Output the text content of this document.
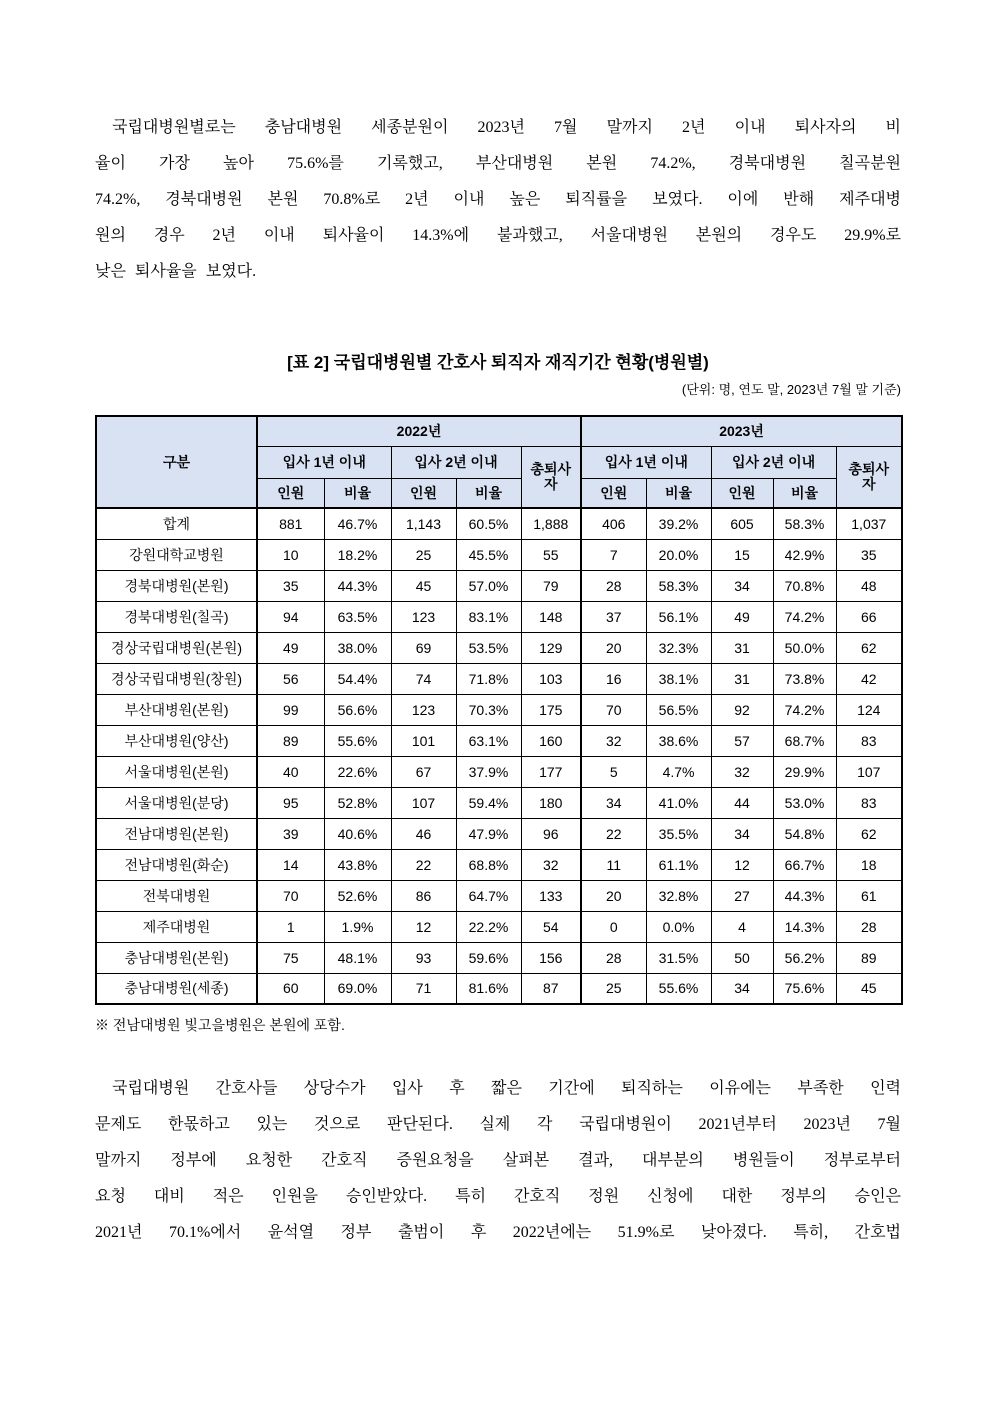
국립대병원별로는 충남대병원 세종분원이 2023년 7월 말까지 2년 이내 퇴사자의 비
율이 가장 높아 75.6%를 기록했고, 부산대병원 본원 74.2%, 경북대병원 칠곡분원
74.2%, 경북대병원 본원 70.8%로 2년 이내 높은 퇴직률을 보였다. 이에 반해 제주대병
원의 경우 2년 이내 퇴사율이 14.3%에 불과했고, 서울대병원 본원의 경우도 29.9%로
낮은 퇴사율을 보였다.
[표 2] 국립대병원별 간호사 퇴직자 재직기간 현황(병원별)
(단위: 명, 연도 말, 2023년 7월 말 기준)
구분	2022년					2023년				
	입사 1년 이내		입사 2년 이내		총퇴사자	입사 1년 이내		입사 2년 이내		총퇴사자
	인원	비율	인원	비율		인원	비율	인원	비율	
합계	881	46.7%	1,143	60.5%	1,888	406	39.2%	605	58.3%	1,037
강원대학교병원	10	18.2%	25	45.5%	55	7	20.0%	15	42.9%	35
경북대병원(본원)	35	44.3%	45	57.0%	79	28	58.3%	34	70.8%	48
경북대병원(칠곡)	94	63.5%	123	83.1%	148	37	56.1%	49	74.2%	66
경상국립대병원(본원)	49	38.0%	69	53.5%	129	20	32.3%	31	50.0%	62
경상국립대병원(창원)	56	54.4%	74	71.8%	103	16	38.1%	31	73.8%	42
부산대병원(본원)	99	56.6%	123	70.3%	175	70	56.5%	92	74.2%	124
부산대병원(양산)	89	55.6%	101	63.1%	160	32	38.6%	57	68.7%	83
서울대병원(본원)	40	22.6%	67	37.9%	177	5	4.7%	32	29.9%	107
서울대병원(분당)	95	52.8%	107	59.4%	180	34	41.0%	44	53.0%	83
전남대병원(본원)	39	40.6%	46	47.9%	96	22	35.5%	34	54.8%	62
전남대병원(화순)	14	43.8%	22	68.8%	32	11	61.1%	12	66.7%	18
전북대병원	70	52.6%	86	64.7%	133	20	32.8%	27	44.3%	61
제주대병원	1	1.9%	12	22.2%	54	0	0.0%	4	14.3%	28
충남대병원(본원)	75	48.1%	93	59.6%	156	28	31.5%	50	56.2%	89
충남대병원(세종)	60	69.0%	71	81.6%	87	25	55.6%	34	75.6%	45
※ 전남대병원 빛고을병원은 본원에 포함.
국립대병원 간호사들 상당수가 입사 후 짧은 기간에 퇴직하는 이유에는 부족한 인력
문제도 한몫하고 있는 것으로 판단된다. 실제 각 국립대병원이 2021년부터 2023년 7월
말까지 정부에 요청한 간호직 증원요청을 살펴본 결과, 대부분의 병원들이 정부로부터
요청 대비 적은 인원을 승인받았다. 특히 간호직 정원 신청에 대한 정부의 승인은
2021년 70.1%에서 윤석열 정부 출범이 후 2022년에는 51.9%로 낮아졌다. 특히, 간호법
